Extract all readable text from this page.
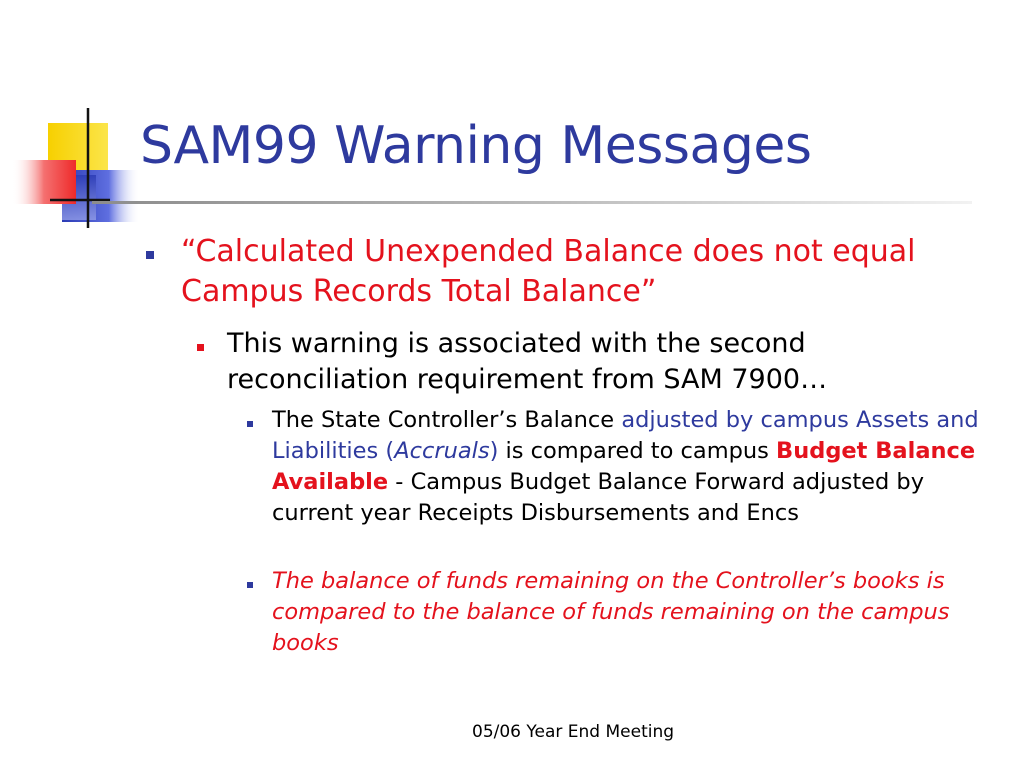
SAM99 Warning Messages
“Calculated Unexpended Balance does not equal Campus Records Total Balance”
This warning is associated with the second reconciliation requirement from SAM 7900…
The State Controller’s Balance adjusted by campus Assets and Liabilities (Accruals) is compared to campus Budget Balance Available - Campus Budget Balance Forward adjusted by current year Receipts Disbursements and Encs
The balance of funds remaining on the Controller’s books is compared to the balance of funds remaining on the campus books
05/06 Year End Meeting
